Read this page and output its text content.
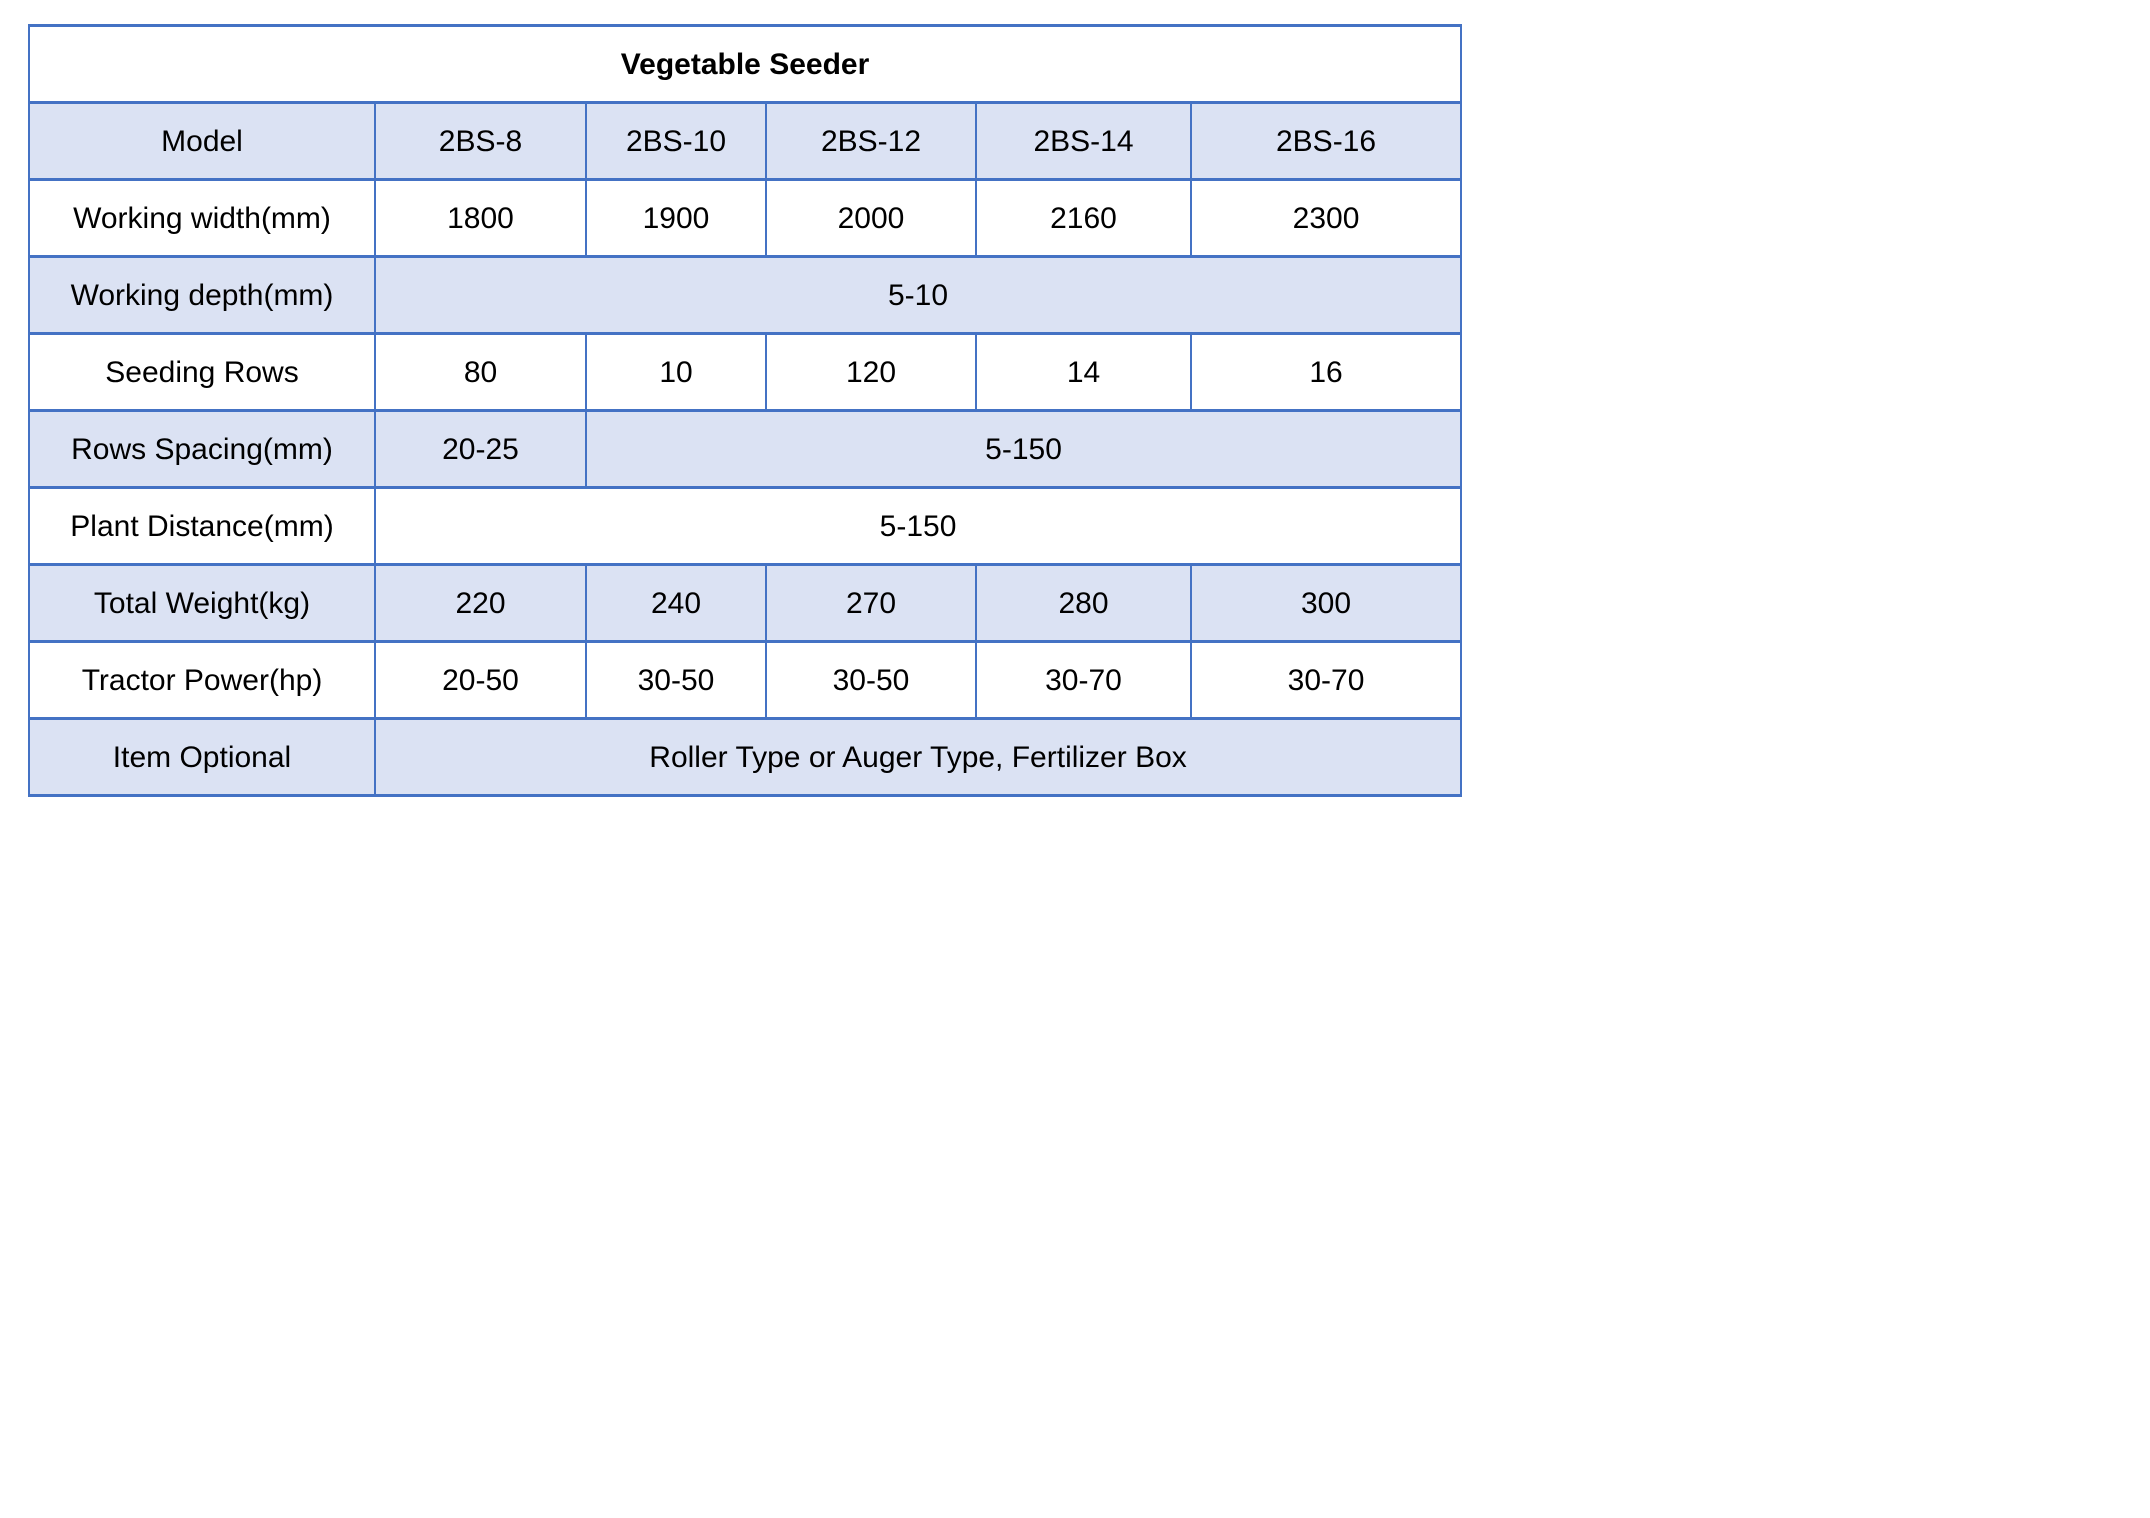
Vegetable Seeder					
Model	2BS-8	2BS-10	2BS-12	2BS-14	2BS-16
Working width(mm)	1800	1900	2000	2160	2300
Working depth(mm)	5-10				
Seeding Rows	80	10	120	14	16
Rows Spacing(mm)	20-25	5-150			
Plant Distance(mm)	5-150				
Total Weight(kg)	220	240	270	280	300
Tractor Power(hp)	20-50	30-50	30-50	30-70	30-70
Item Optional	Roller Type or Auger Type, Fertilizer Box				
